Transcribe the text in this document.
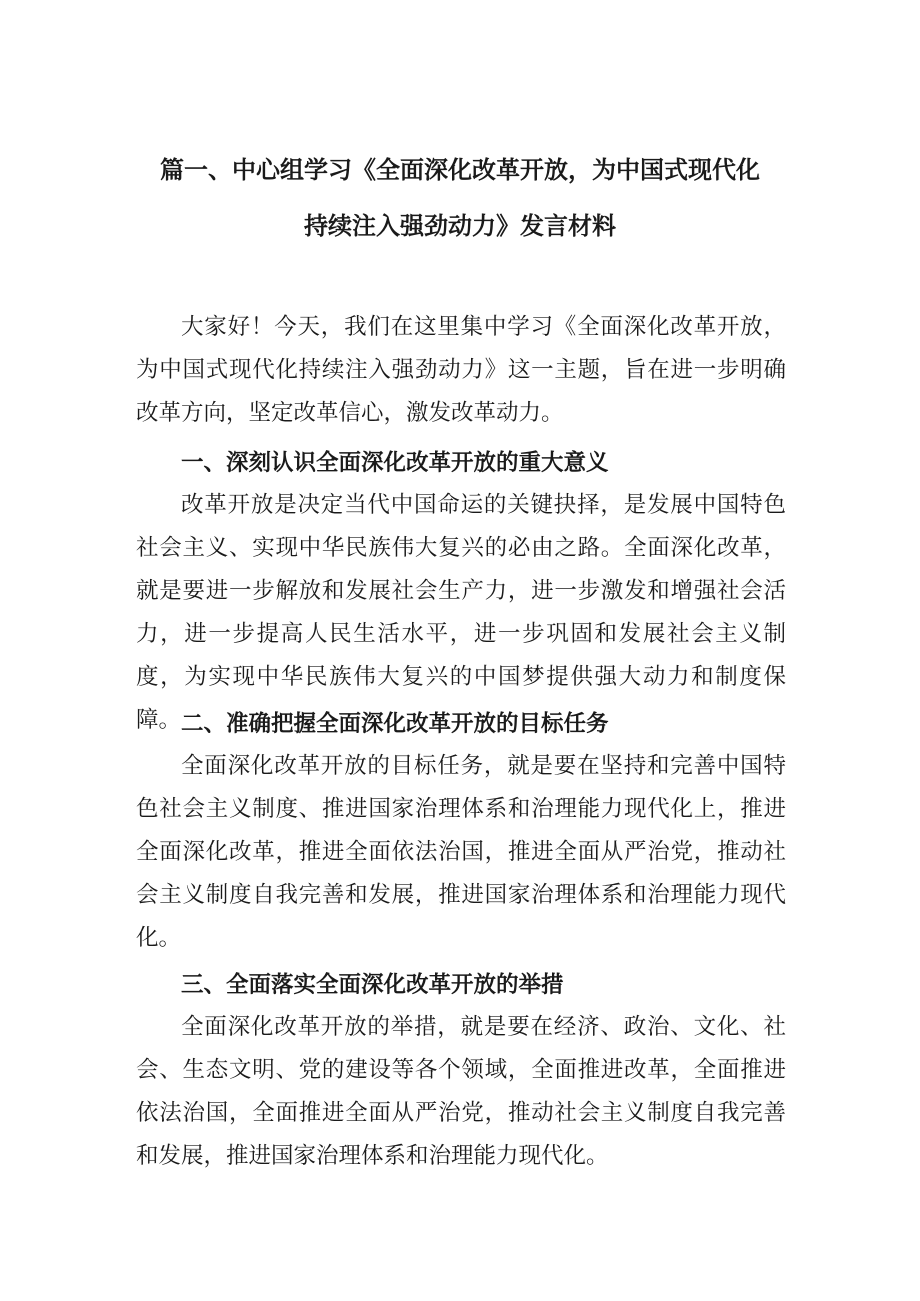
篇一、中心组学习《全面深化改革开放，为中国式现代化
持续注入强劲动力》发言材料

大家好！今天，我们在这里集中学习《全面深化改革开放，为中国式现代化持续注入强劲动力》这一主题，旨在进一步明确改革方向，坚定改革信心，激发改革动力。

一、深刻认识全面深化改革开放的重大意义

改革开放是决定当代中国命运的关键抉择，是发展中国特色社会主义、实现中华民族伟大复兴的必由之路。全面深化改革，就是要进一步解放和发展社会生产力，进一步激发和增强社会活力，进一步提高人民生活水平，进一步巩固和发展社会主义制度，为实现中华民族伟大复兴的中国梦提供强大动力和制度保障。 二、准确把握全面深化改革开放的目标任务

全面深化改革开放的目标任务，就是要在坚持和完善中国特色社会主义制度、推进国家治理体系和治理能力现代化上，推进全面深化改革，推进全面依法治国，推进全面从严治党，推动社会主义制度自我完善和发展，推进国家治理体系和治理能力现代化。

三、全面落实全面深化改革开放的举措

全面深化改革开放的举措，就是要在经济、政治、文化、社会、生态文明、党的建设等各个领域，全面推进改革，全面推进依法治国，全面推进全面从严治党，推动社会主义制度自我完善和发展，推进国家治理体系和治理能力现代化。
